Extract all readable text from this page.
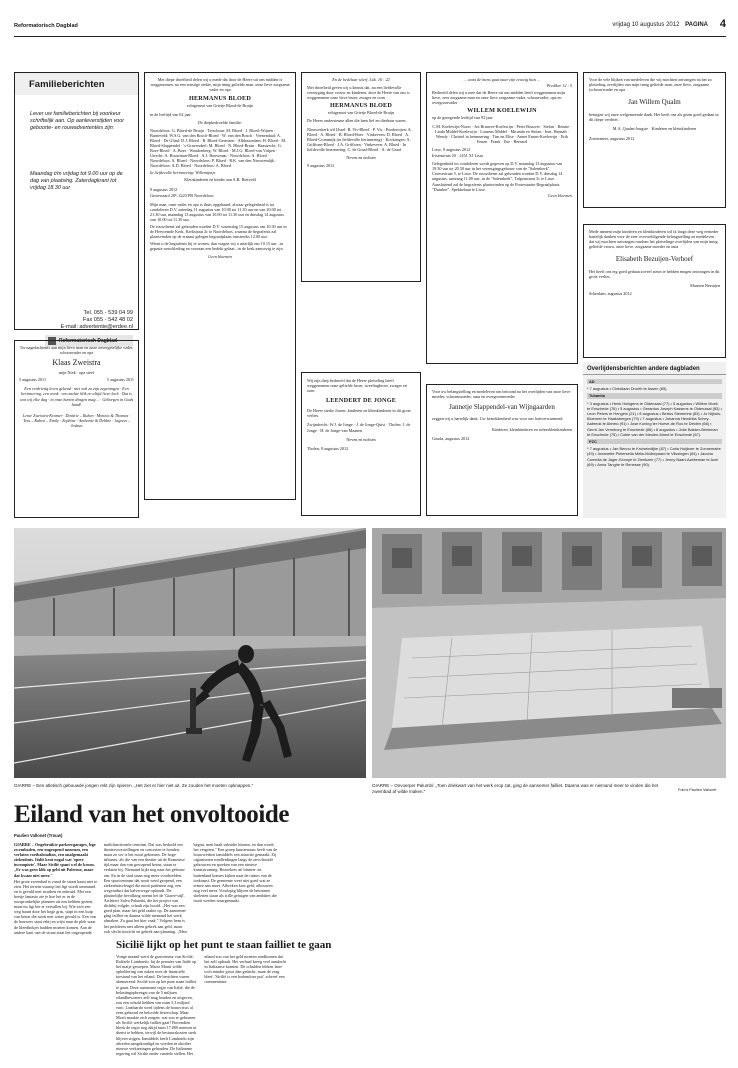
Reformatorisch Dagblad	vrijdag 10 augustus 2012 PAGINA 4
Familieberichten
Lever uw familieberichten bij voorkeur schriftelijk aan. Op aanleverstijden voor geboorte- en rouwadvertenties zijn:
Maandag t/m vrijdag tot 9.00 uur op de dag van plaatsing. Zaterdagkrant tot vrijdag 18.30 uur
Tel. 055 - 539 04 99
Fax 055 - 542 48 02
E-mail: advertentie@erdee.nl
Reformatorisch Dagblad

Ter nagedachtenis aan mijn lieve man en onze onvergetelijke vader, schoonvader en opa

Klaas Zweistra

mijn Niek · opa steef

5 augustus 2011	5 augustus 2011

Een verdrietig leven gekend · met ook zo zijn zegeningen · Een herinnering, een wenk · een zachte blik en altijd lieve lach · Dat is wat wij elke dag · in onze harten dragen mag… · Geborgen in Gods hand!

Lenie Zweistra-Kramer · Dinitrie – Ruben · Monica & Thomas · Tess – Ruben – Emily · Zephine · Anthonie & Debbie · Jagoon – Joshua

Met diepe droefheid delen wij u mede dat door de Heere uit ons midden is weggenomen, na een ernstige ziekte, mijn innig geliefde man, onze lieve zorgzame vader en opa

HERMANUS BLOED

echtgenoot van Grietje Bloed-de Bruijn

in de leeftijd van 62 jaar.

De diepbedroefde familie:

Noordeloos: G. Bloed-de Bruijn · Terschuur: M. Bloed · J. Bloed-Wijnen · Barneveld: W.S.G. van den Bosch-Bloed · W. van den Bosch · Veenendaal: A. Bloed · De Glind: D.J. Bloed · B. Bloed-Gerritsen · Alblasserdam: H. Bloed · M. Bloed-Slappendel · 's-Gravendeel: M. Bloed · N. Bloed-Bruin · Haastrecht: G. Boer-Bloed · A. Boer · Woudenberg: W. Bloed · M.J.G. Bloed-van Vulpen · Utrecht: A. Bouwman-Bloed · A.J. Bouwman · Noordeloos: A. Bloed · Noordeloos: A. Bloed · Noordeloos: P. Bloed · R.K. van den Nieuwendijk · Noordeloos: A.D. Bloed · Noordeloos: A. Bloed

In liefdevolle herinnering: Willemijntje

Kleinkinderen en kinder aan A.B. Rietveld

9 augustus 2012

Grotewaard 28⁴, 4223 PB Noordeloos

Mijn man, onze vader en opa is thuis opgebaard, alwaar gelegenheid is tot condoleren D.V. zaterdag 11 augustus van 10.00 tot 11.30 uur en van 20.00 tot 21.30 uur, maandag 13 augustus van 10.00 tot 11.30 uur en dinsdag 14 augustus van 10.00 tot 11.30 uur.

De rouwdienst zal gehouden worden D.V. woensdag 15 augustus om 10.30 uur in de Hervormde Kerk, Kerkstraat 2c te Noordeloos, waarna de begrafenis zal plaatsvinden op de ernaast gelegen begraafplaats omstreeks 12.00 uur.

Wenst u de begrafenis bij te wonen, dan vragen wij u uiterlijk om 10.15 uur –in gepaste rouwkleding en vooraan een bedekt gelaat– in de kerk aanwezig te zijn.

Geen bloemen

En de bedelaar stierf, Luk. 16 : 22

Met droefheid geven wij u kennis dat, na een liefdevolle verzorging door vrouw en kinderen, door de Heere van ons is weggenomen onze lieve broer, zwager en oom

HERMANUS BLOED

echtgenoot van Grietje Bloed-de Bruijn

De Heere ondersteune allen die hem lief en dierbaar waren.

Nieuwerkerk a/d IJssel: B. Vis-Bloed · P. Vis · Poederoijen: A. Bloed · A. Bloed · B. Bloed-Boer · Vinkeveen: D. Bloed · A. Bloed-Crommijk (in liefdevolle herinnering) · Kockengen: A. Griffioen-Bloed · J.A. Griffioen · Vinkeveen: A. Bloed · In liefdevolle herinnering: C. de Graaf-Bloed · A. de Graaf

Neven en nichten

9 augustus 2012

Wij zijn diep bedroefd dat de Heere plotseling heeft weggenomen onze geliefde broer, tweelingbroer, zwager en oom

LEENDERT DE JONGE

De Heere sterke Josien, kinderen en kleinkinderen in dit grote verlies.

Zwijndrecht: W.J. de Jonge · J. de Jonge-Quist · Tholen: J. de Jonge · H. de Jonge-van Maanen

Neven en nichten

Tholen, 8 augustus 2012

... want de mens gaat naar zijn eeuwig huis ...

Prediker 12 : 5

Bedroefd delen wij u mee dat de Heere uit ons midden heeft weggenomen mijn lieve, zeer zorgzame man en onze lieve zorgzame vader, schoonvader, opa en overgrootvader

WILLEM KOELEWIJN

op de gezegende leeftijd van 93 jaar.

C.M. Koelewijn-Noort · Jos Bruuver-Koelewijn · Peter Bruuver · Stefan · Renate · Linda Middel-Koelewijn · Lourens Middel · Miranda en Stefan · Inet, Hannah · Wendy · Christel in herinnering · Tim en Elise · Annet Ensen-Koelewijn · Erik Ensen · Frank · Ilse · Bernard

Lisse, 9 augustus 2012

Irisenstraat 20 · 2161 XJ Lisse

Gelegenheid tot condoleren wordt gegeven op D.V. maandag 13 augustus van 19.30 uur tot 20.30 uur in het verenigingsgebouw van de "Salemkerk", Croesestraat 5, te Lisse. De rouwdienst zal gehouden worden D.V. dinsdag 14 augustus, aanvang 11.00 uur, in de "Salemkerk", Tulpenstraat 3c te Lisse. Aansluitend zal de begrafenis plaatsvinden op de Protestantse Begraafplaats "Duinhof", Spekkelaan te Lisse.

Geen bloemen

Voor uw belangstelling en medeleven om betoond na het overlijden van onze lieve moeder, schoonmoeder, oma en overgrootmoeder

Jannetje Slappendel-van Wijngaarden

zeggen wij u hartelijk dank. Uw betrokkenheid was voor ons hartverwarmend.

Kinderen, kleinkinderen en achterkleinkinderen

Gouda, augustus 2012

Voor de vele blijken van medeleven die wij mochten ontvangen na het zo plotseling overlijden van mijn innig geliefde man, onze lieve, zorgzame (schoon)vader en opa

Jan Willem Qualm

betuigen wij onze welgemeende dank. Het heeft ons als gezin goed gedaan in dit diepe verdriet.

M.A. Qualm-Jongste · Kinderen en kleinkinderen

Zoetermeer, augustus 2012

Mede namens mijn kinderen en kleinkinderen wil ik langs deze weg eenieder hartelijk danken voor de zeer overweldigende belangstelling en medeleven dat wij mochten ontvangen rondom het plotselinge overlijden van mijn innig geliefde vrouw, onze lieve, zorgzame moeder en oma

Elisabeth Bezuijen-Verhoef

Het heeft ons erg goed gedaan zoveel steun te hebben mogen ontvangen in dit grote verlies.

Maarten Bezuijen

Schiedam, augustus 2012

Overlijdensberichten andere dagbladen
AD
* 7 augustus • Christiaan Dronth te Assen (85).
Tubantia
* 3 augustus • Henk Hulsgens te Oldenzaal (77) • 5 augustus • Willem Moek te Enschede (76) • 5 augustus • Gerardus Joseph Kassens te Oldenzaal (83) • Leon Peters te Hengelo (21) • 8 augustus • Bertus Siemerink (83) • Jo Nijhuis-Bloemen te Haaksbergen (79) • 7 augustus • Johanna Hendrika Schey-Aabreok te Almelo (91) • Jose Koning ter Hoeve-de Roo te Delden (66) • Gerrit Jan Veneborg te Enschede (86) • 8 augustus • Joke Bakker-Brinkman te Enschede (75) • Cobie van der Meulen-Moed te Enschede (67).
PZC
* 7 augustus • Jan Benou te Kruiseindijke (87) • Carla Huijboer te Zonnemaire (49) • Jeannette Pietersella Melis-Molkepaard te Vlissingen (64) • Jacoba Cornelia de Jager-Klompe te Zierikzee (77) • Jenny Baart-Azeiteman te Axel (69) • Anna Tanghe te Renesse (90).
GIARRE – Een atletisch gebouwde jongen rekt zijn spieren. „Het ziet er hier niet uit. Ze zouden het moeten opknappen."	GIARRE – Onvoerper Palumbi: „Toen driekwart van het werk erop zat, ging de aannemer failliet. Daarna was er niemand meer te vinden die het zwembad af wilde maken."	Foto's Paulien Vallonet
Eiland van het onvoltooide
Paulien Vallonet (Trouw)

GIARRE – Ongebruikte parkeergarages, lege zwembaden, een ongeopend museum, een verlaten voetbalstadion, een onafgemaakt ziekenhuis. Italië kent nogal wat 'opere incompiute'. Maar Sicilië spant wel de kroon. „Er was geen klik op geld uit Palermo, maar dat kwam niet meer."

Het grote zwembad is vanaf de straat haast niet te zien. Het terrein waarop het ligt wordt ommuurd en is gevuld met struiken en onkruid. Met een beetje fantasie zie je hoe het er in de oorspronkelijke plannen uit zou hebben gezien, maar nu ligt het er vervallen bij. Wie zich een weg baant door het hoge gras, stapt in een kuip van beton die nooit met water gevuld is. Een van de bouwers staat erbij en wijst naar de plek waar de kleedhokjes hadden moeten komen. Aan de andere kant van de straat staat het ongeopende multifunctionele centrum. Dat was bedoeld om theatervoorstellingen en concerten te houden, maar zo ver is het nooit gekomen. De hoge tribunes, als die van een theater uit de Romeinse tijd maar dan van gewapend beton, staan er verlaten bij. Niemand kijkt nog naar het gebouw om. En in de stad staan nog meer voorbeelden. Een sportcentrum dat nooit werd geopend, een ziekenhuisvleugel die nooit patiënten zag, een wegviaduct dat halverwege ophoudt. De plaatselijke bevolking noemt het de 'Giarre-stijl'. Architect Salvo Palumbi, die het project van dichtbij volgde, schudt zijn hoofd. „Het was een goed plan, maar het geld raakte op. De aannemer ging failliet en daarna wilde niemand het werk afmaken. Zo gaat het hier vaak." Volgens hem is het probleem niet alleen gebrek aan geld, maar ook slecht toezicht en gebrek aan planning. „Men begint, men haalt subsidie binnen, en dan wordt het vergeten." Een groep kunstenaars heeft van de bouwwerken inmiddels een attractie gemaakt. Zij organiseren rondleidingen langs de onvoltooide gebouwen en spreken van een nieuwe kunststroming. Bezoekers uit binnen- en buitenland komen kijken naar de ruïnes van de toekomst. De gemeente weet niet goed wat ze ermee aan moet. Afbreken kost geld, afbouwen nog veel meer. Voorlopig blijven de betonnen skeletten staan als stille getuigen van ambities die nooit werden waargemaakt.

Sicilië lijkt op het punt te staan failliet te gaan

Vorige maand werd de gouverneur van Sicilië, Raffaele Lombardo, bij de premier van Italië op het matje geroepen. Mario Monti wilde opheldering van zaken over de financiële toestand van het eiland. De berichten waren alarmerend: Sicilië zou op het punt staan failliet te gaan. Deze autonome regio van Italië, die de belastingopbrengst van de 5 miljoen eilandbewoners zelf mag houden en uitgeven, zou een schuld hebben van ruim 5,3 miljard euro. Lombardo werd tijdens de bouwcrisis al eens gehoord en beloofde beterschap. Maar Mosti maakte zich zorgen: wat zou er gebeuren als Sicilië werkelijk failliet gaat? Bovendien bleek de regio nog altijd ruim 17.000 mensen in dienst te hebben, terwijl de bestuurskosten sterk blijven stijgen. Inmiddels heeft Lombardo zijn aftreden aangekondigd en worden in oktober nieuwe verkiezingen gehouden. De Italiaanse regering wil Sicilië onder curatele stellen. Het eiland zou van het geld moeten rondkomen dat het zelf ophaalt. Het verhaal kreeg veel aandacht in Italiaanse kranten. De schulden bleken later toch minder groot dan gedacht, maar de zorg bleef. 'Sicilië is een bodemloze put', schreef een commentator.
